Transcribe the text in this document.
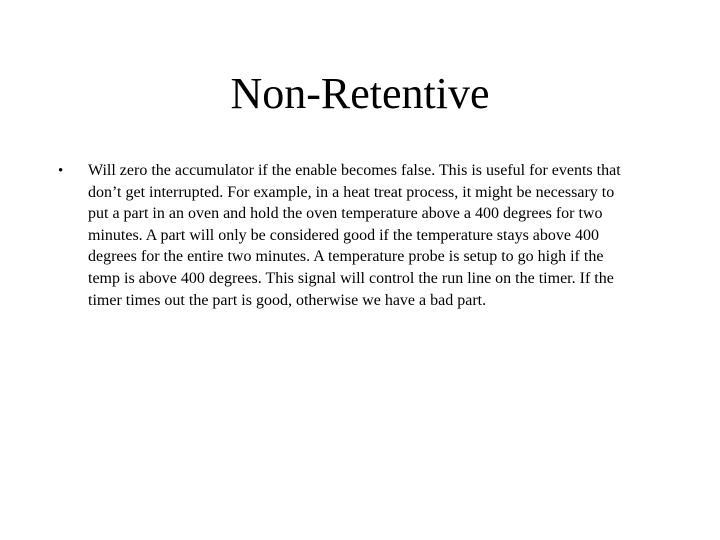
Non-Retentive
• Will zero the accumulator if the enable becomes false. This is useful for events that don’t get interrupted. For example, in a heat treat process, it might be necessary to put a part in an oven and hold the oven temperature above a 400 degrees for two minutes. A part will only be considered good if the temperature stays above 400 degrees for the entire two minutes. A temperature probe is setup to go high if the temp is above 400 degrees. This signal will control the run line on the timer. If the timer times out the part is good, otherwise we have a bad part.
